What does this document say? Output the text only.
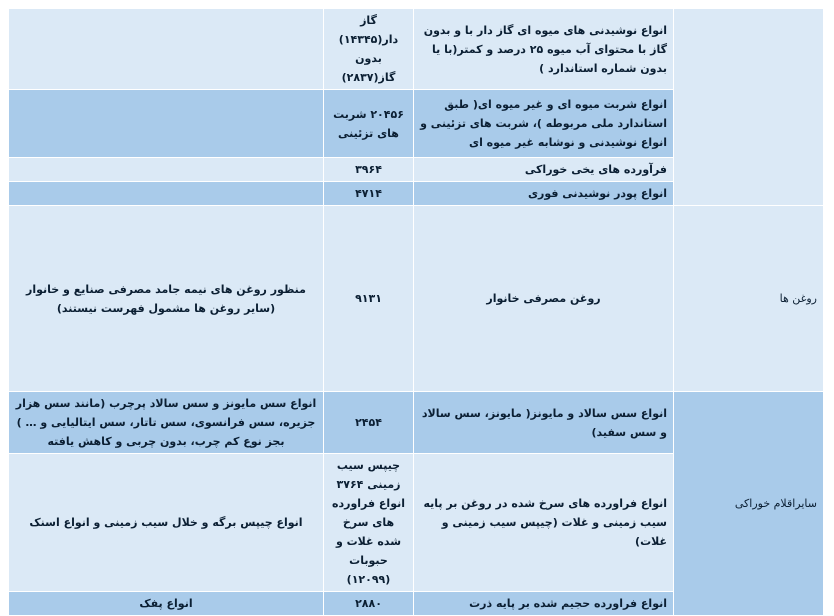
	انواع نوشیدنی های میوه ای گاز دار با و بدون گاز با محتوای آب میوه ۲۵ درصد و کمتر(با یا بدون شماره استاندارد )	گاز دار(۱۴۳۴۵) بدون گاز(۲۸۳۷)	
	انواع شربت میوه ای و غیر میوه ای( طبق استاندارد ملی مربوطه )، شربت های تزئینی و انواع نوشیدنی و نوشابه غیر میوه ای	۲۰۴۵۶ شربت های تزئینی	
	فرآورده های یخی خوراکی	۳۹۶۴	
	انواع پودر نوشیدنی فوری	۴۷۱۴	
روغن ها	روغن مصرفی خانوار	۹۱۳۱	منظور روغن های نیمه جامد مصرفی صنایع و خانوار (سایر روغن ها مشمول فهرست نیستند)
سایراقلام خوراکی	انواع سس سالاد و مایونز( مایونز، سس سالاد و سس سفید)	۲۴۵۴	انواع سس مایونز و سس سالاد پرچرب (مانند سس هزار جزیره، سس فرانسوی، سس تاتار، سس ایتالیایی و … ) بجز نوع کم چرب، بدون چربی و کاهش یافته
	انواع فراورده های سرخ شده در روغن بر پایه سیب زمینی و غلات (چیپس سیب زمینی و غلات)	چیپس سیب زمینی ۳۷۶۴ انواع فراورده های سرخ شده غلات و حبوبات (۱۲۰۹۹)	انواع چیپس برگه و خلال سیب زمینی و انواع اسنک
	انواع فراورده حجیم شده بر پایه ذرت	۲۸۸۰	انواع پفک
